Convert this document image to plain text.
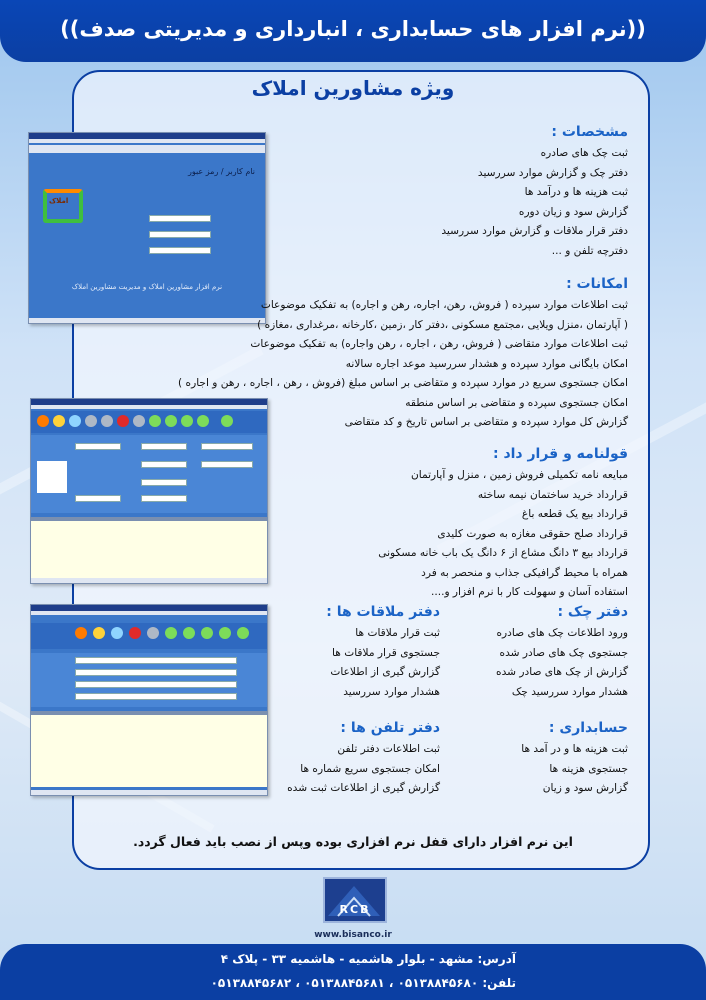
((نرم افزار های حسابداری ، انبارداری و مدیریتی صدف))
ویژه مشاورین املاک
نام کاربر / رمز عبور
املاک
نرم افزار مشاورین املاک و مدیریت مشاورین املاک
مشخصات :
ثبت چک های صادره
دفتر چک و گزارش موارد سررسید
ثبت هزینه ها و درآمد ها
گزارش سود و زیان دوره
دفتر قرار ملاقات و گزارش موارد سررسید
دفترچه تلفن و ...
امکانات :
ثبت اطلاعات موارد سپرده ( فروش، رهن، اجاره، رهن و اجاره) به تفکیک موضوعات
( آپارتمان ،منزل ویلایی ،مجتمع مسکونی ،دفتر کار ،زمین ،کارخانه ،مرغداری ،مغازه )
ثبت اطلاعات موارد متقاضی ( فروش، رهن ، اجاره ، رهن واجاره) به تفکیک موضوعات
امکان بایگانی موارد سپرده و هشدار سررسید موعد اجاره سالانه
امکان جستجوی سریع در موارد سپرده و متقاضی بر اساس مبلغ (فروش ، رهن ، اجاره ، رهن و اجاره )
امکان جستجوی سپرده و متقاضی بر اساس منطقه
گزارش کل موارد سپرده و متقاضی بر اساس تاریخ و کد متقاضی
قولنامه و قرار داد :
مبایعه نامه تکمیلی فروش زمین ، منزل و آپارتمان
قرارداد خرید ساختمان نیمه ساخته
قرارداد بیع یک قطعه باغ
قرارداد صلح حقوقی مغازه به صورت کلیدی
قرارداد بیع ۳ دانگ مشاع از ۶ دانگ یک باب خانه مسکونی
همراه با محیط گرافیکی جذاب و منحصر به فرد
استفاده آسان و سهولت کار با نرم افزار و....
دفتر چک :
ورود اطلاعات چک های صادره
جستجوی چک های صادر شده
گزارش از چک های صادر شده
هشدار موارد سررسید چک
دفتر ملاقات ها :
ثبت قرار ملاقات ها
جستجوی قرار ملاقات ها
گزارش گیری از اطلاعات
هشدار موارد سررسید
حسابداری :
ثبت هزینه ها و در آمد ها
جستجوی هزینه ها
گزارش سود و زیان
دفتر تلفن ها :
ثبت اطلاعات دفتر تلفن
امکان جستجوی سریع شماره ها
گزارش گیری از اطلاعات ثبت شده
این نرم افزار دارای قفل نرم افزاری بوده وپس از نصب باید فعال گردد.
RCB
www.bisanco.ir
آدرس: مشهد - بلوار هاشمیه - هاشمیه ۳۳ - پلاک ۴
تلفن: ۰۵۱۳۸۸۴۵۶۸۰ ، ۰۵۱۳۸۸۴۵۶۸۱ ، ۰۵۱۳۸۸۴۵۶۸۲
